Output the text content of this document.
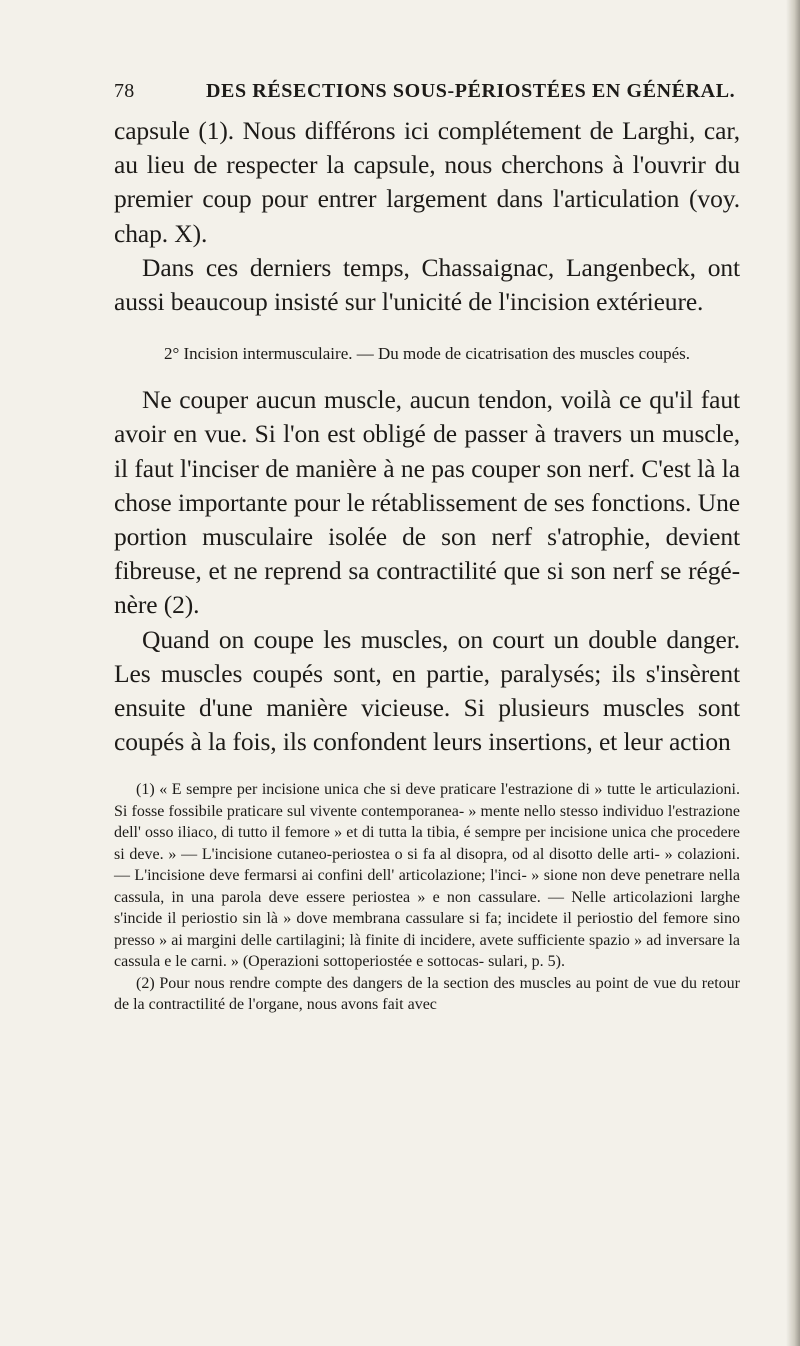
78	DES RÉSECTIONS SOUS-PÉRIOSTÉES EN GÉNÉRAL.

capsule (1). Nous différons ici complétement de Larghi, car, au lieu de respecter la capsule, nous cherchons à l'ouvrir du premier coup pour entrer largement dans l'articulation (voy. chap. X).

Dans ces derniers temps, Chassaignac, Langenbeck, ont aussi beaucoup insisté sur l'unicité de l'incision extérieure.

2° Incision intermusculaire. — Du mode de cicatrisation des muscles coupés.

Ne couper aucun muscle, aucun tendon, voilà ce qu'il faut avoir en vue. Si l'on est obligé de passer à travers un muscle, il faut l'inciser de manière à ne pas couper son nerf. C'est là la chose importante pour le rétablissement de ses fonctions. Une portion musculaire isolée de son nerf s'atrophie, devient fibreuse, et ne reprend sa contractilité que si son nerf se régé- nère (2).

Quand on coupe les muscles, on court un double danger. Les muscles coupés sont, en partie, paralysés; ils s'insèrent ensuite d'une manière vicieuse. Si plusieurs muscles sont coupés à la fois, ils confondent leurs insertions, et leur action

(1) « E sempre per incisione unica che si deve praticare l'estrazione di » tutte le articulazioni. Si fosse fossibile praticare sul vivente contemporanea- » mente nello stesso individuo l'estrazione dell' osso iliaco, di tutto il femore » et di tutta la tibia, é sempre per incisione unica che procedere si deve. » — L'incisione cutaneo-periostea o si fa al disopra, od al disotto delle arti- » colazioni. — L'incisione deve fermarsi ai confini dell' articolazione; l'inci- » sione non deve penetrare nella cassula, in una parola deve essere periostea » e non cassulare. — Nelle articolazioni larghe s'incide il periostio sin là » dove membrana cassulare si fa; incidete il periostio del femore sino presso » ai margini delle cartilagini; là finite di incidere, avete sufficiente spazio » ad inversare la cassula e le carni. » (Operazioni sottoperiostée e sottocas- sulari, p. 5).

(2) Pour nous rendre compte des dangers de la section des muscles au point de vue du retour de la contractilité de l'organe, nous avons fait avec
